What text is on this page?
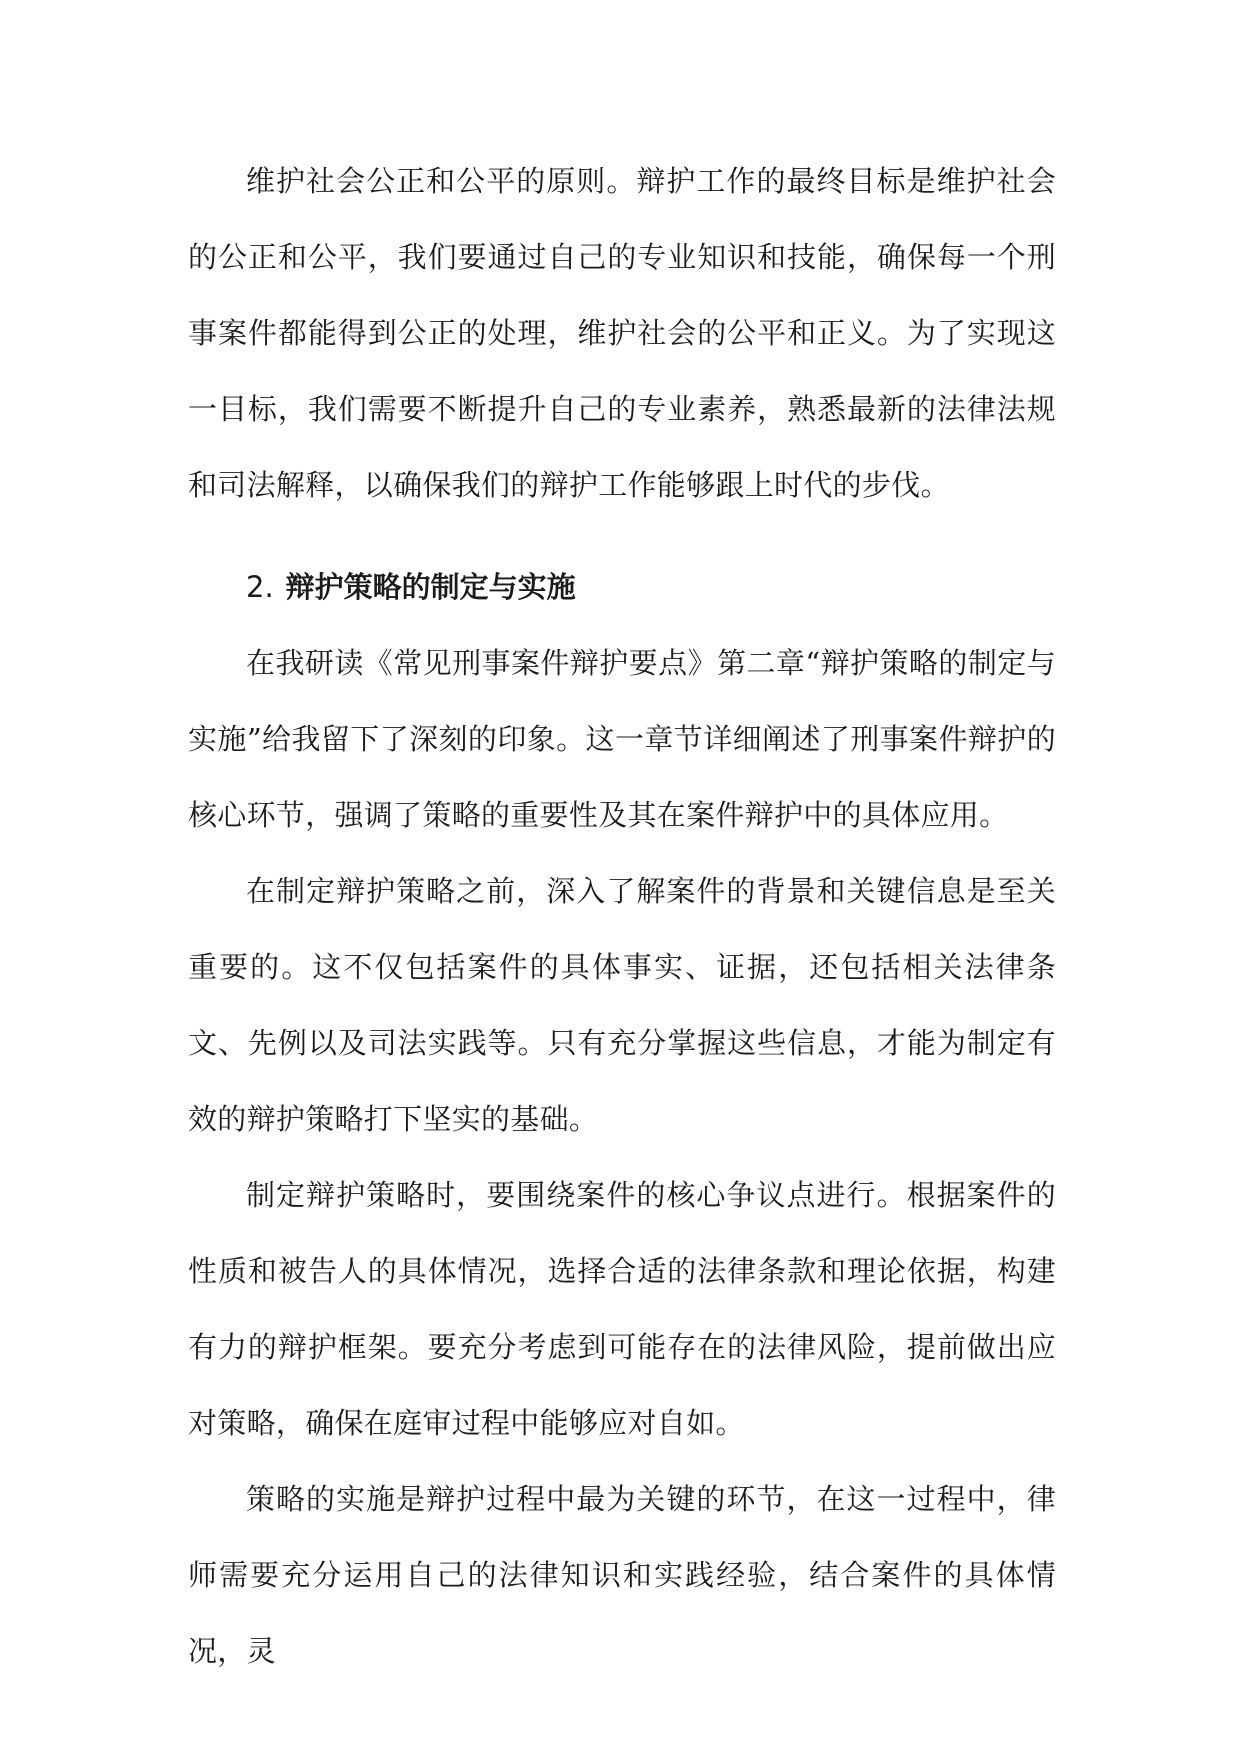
维护社会公正和公平的原则。辩护工作的最终目标是维护社会的公正和公平，我们要通过自己的专业知识和技能，确保每一个刑事案件都能得到公正的处理，维护社会的公平和正义。为了实现这一目标，我们需要不断提升自己的专业素养，熟悉最新的法律法规和司法解释，以确保我们的辩护工作能够跟上时代的步伐。

2. 辩护策略的制定与实施

在我研读《常见刑事案件辩护要点》第二章“辩护策略的制定与实施”给我留下了深刻的印象。这一章节详细阐述了刑事案件辩护的核心环节，强调了策略的重要性及其在案件辩护中的具体应用。

在制定辩护策略之前，深入了解案件的背景和关键信息是至关重要的。这不仅包括案件的具体事实、证据，还包括相关法律条文、先例以及司法实践等。只有充分掌握这些信息，才能为制定有效的辩护策略打下坚实的基础。

制定辩护策略时，要围绕案件的核心争议点进行。根据案件的性质和被告人的具体情况，选择合适的法律条款和理论依据，构建有力的辩护框架。要充分考虑到可能存在的法律风险，提前做出应对策略，确保在庭审过程中能够应对自如。

策略的实施是辩护过程中最为关键的环节，在这一过程中，律师需要充分运用自己的法律知识和实践经验，结合案件的具体情况，灵
